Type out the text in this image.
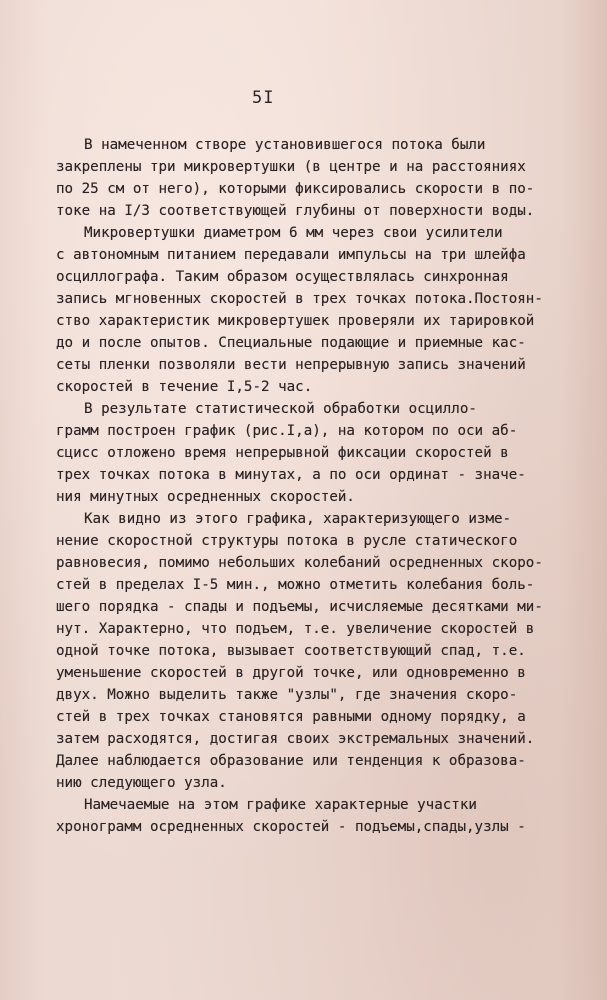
5I
В намеченном створе установившегося потока были
закреплены три микровертушки (в центре и на расстояниях
по 25 см от него), которыми фиксировались скорости в по-
токе на I/3 соответствующей глубины от поверхности воды.
Микровертушки диаметром 6 мм через свои усилители
с автономным питанием передавали импульсы на три шлейфа
осциллографа. Таким образом осуществлялась синхронная
запись мгновенных скоростей в трех точках потока.Постоян-
ство характеристик микровертушек проверяли их тарировкой
до и после опытов. Специальные подающие и приемные кас-
сеты пленки позволяли вести непрерывную запись значений
скоростей в течение I,5-2 час.
В результате статистической обработки осцилло-
грамм построен график (рис.I,а), на котором по оси аб-
сцисс отложено время непрерывной фиксации скоростей в
трех точках потока в минутах, а по оси ординат - значе-
ния минутных осредненных скоростей.
Как видно из этого графика, характеризующего изме-
нение скоростной структуры потока в русле статического
равновесия, помимо небольших колебаний осредненных скоро-
стей в пределах I-5 мин., можно отметить колебания боль-
шего порядка - спады и подъемы, исчисляемые десятками ми-
нут. Характерно, что подъем, т.е. увеличение скоростей в
одной точке потока, вызывает соответствующий спад, т.е.
уменьшение скоростей в другой точке, или одновременно в
двух. Можно выделить также "узлы", где значения скоро-
стей в трех точках становятся равными одному порядку, а
затем расходятся, достигая своих экстремальных значений.
Далее наблюдается образование или тенденция к образова-
нию следующего узла.
Намечаемые на этом графике характерные участки
хронограмм осредненных скоростей - подъемы,спады,узлы -
